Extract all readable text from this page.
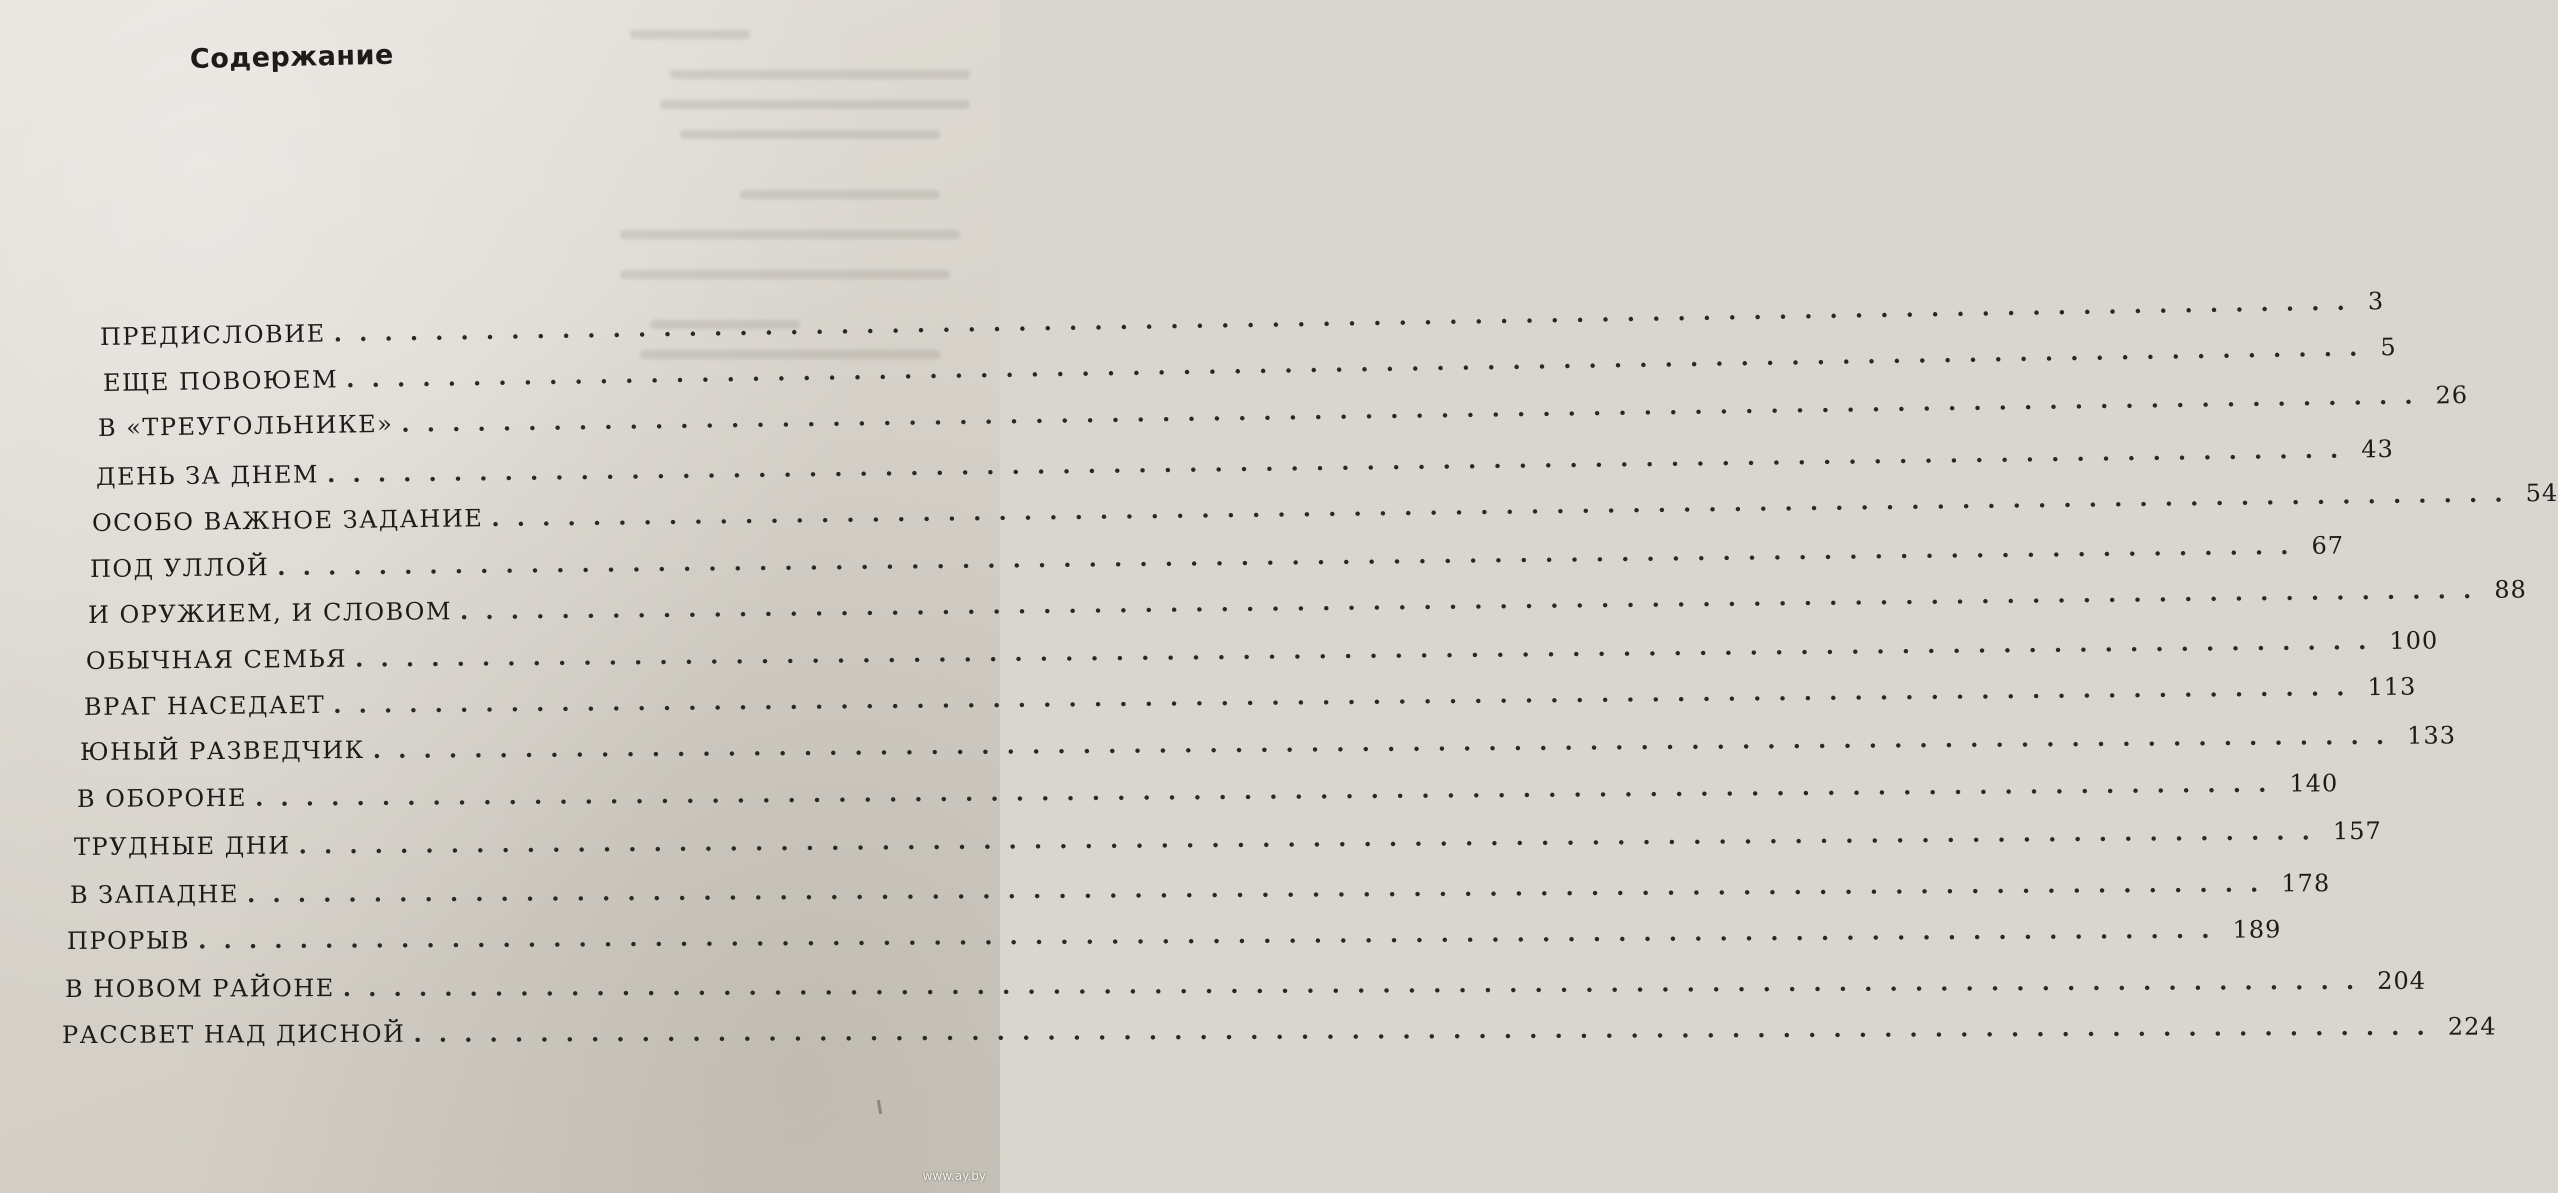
Содержание
ПРЕДИСЛОВИЕ ................................................................................ 3
ЕЩЕ ПОВОЮЕМ ................................................................................ 5
В «ТРЕУГОЛЬНИКЕ» ................................................................................ 26
ДЕНЬ ЗА ДНЕМ ................................................................................ 43
ОСОБО ВАЖНОЕ ЗАДАНИЕ ................................................................................ 54
ПОД УЛЛОЙ ................................................................................ 67
И ОРУЖИЕМ, И СЛОВОМ ................................................................................ 88
ОБЫЧНАЯ СЕМЬЯ ................................................................................ 100
ВРАГ НАСЕДАЕТ ................................................................................ 113
ЮНЫЙ РАЗВЕДЧИК ................................................................................ 133
В ОБОРОНЕ ................................................................................ 140
ТРУДНЫЕ ДНИ ................................................................................ 157
В ЗАПАДНЕ ................................................................................ 178
ПРОРЫВ ................................................................................ 189
В НОВОМ РАЙОНЕ ................................................................................ 204
РАССВЕТ НАД ДИСНОЙ ................................................................................ 224
www.ay.by
